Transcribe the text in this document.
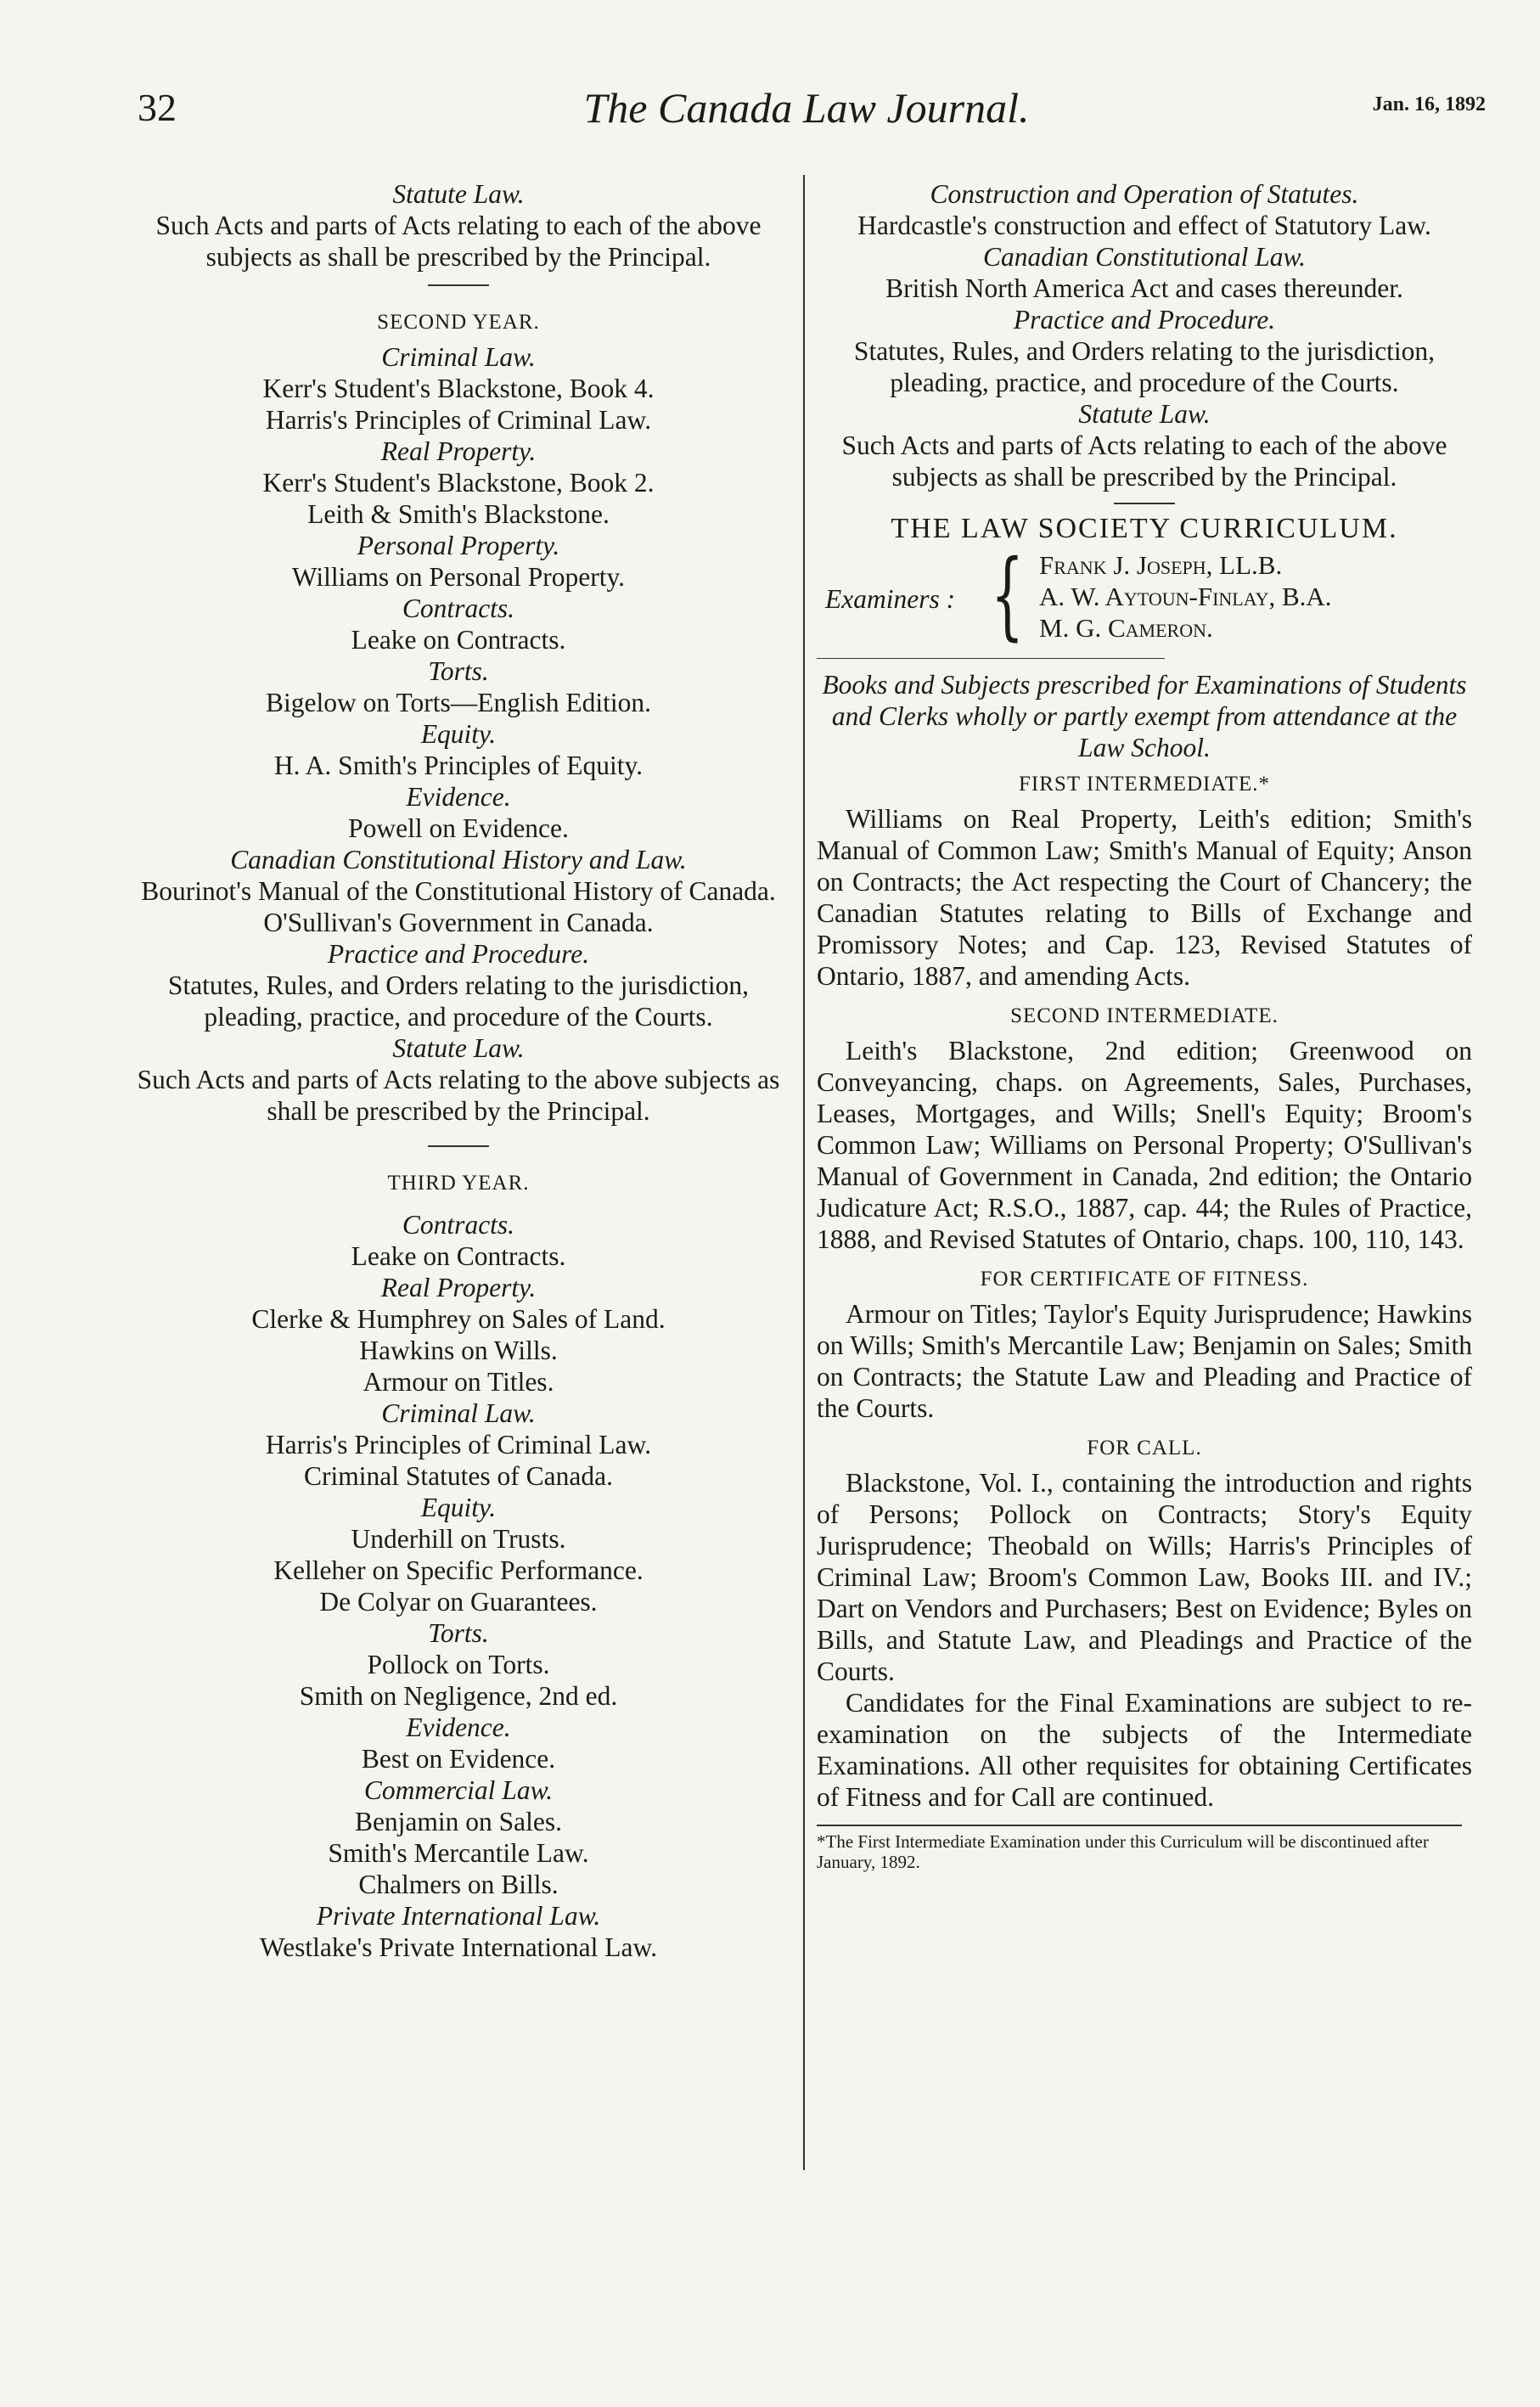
32	The Canada Law Journal.	Jan. 16, 1892
Statute Law.
Such Acts and parts of Acts relating to each of the above subjects as shall be prescribed by the Principal.
SECOND YEAR.
Criminal Law.
Kerr's Student's Blackstone, Book 4.
Harris's Principles of Criminal Law.
Real Property.
Kerr's Student's Blackstone, Book 2.
Leith & Smith's Blackstone.
Personal Property.
Williams on Personal Property.
Contracts.
Leake on Contracts.
Torts.
Bigelow on Torts—English Edition.
Equity.
H. A. Smith's Principles of Equity.
Evidence.
Powell on Evidence.
Canadian Constitutional History and Law.
Bourinot's Manual of the Constitutional History of Canada.
O'Sullivan's Government in Canada.
Practice and Procedure.
Statutes, Rules, and Orders relating to the jurisdiction, pleading, practice, and procedure of the Courts.
Statute Law.
Such Acts and parts of Acts relating to the above subjects as shall be prescribed by the Principal.
THIRD YEAR.
Contracts.
Leake on Contracts.
Real Property.
Clerke & Humphrey on Sales of Land.
Hawkins on Wills.
Armour on Titles.
Criminal Law.
Harris's Principles of Criminal Law.
Criminal Statutes of Canada.
Equity.
Underhill on Trusts.
Kelleher on Specific Performance.
De Colyar on Guarantees.
Torts.
Pollock on Torts.
Smith on Negligence, 2nd ed.
Evidence.
Best on Evidence.
Commercial Law.
Benjamin on Sales.
Smith's Mercantile Law.
Chalmers on Bills.
Private International Law.
Westlake's Private International Law.
Construction and Operation of Statutes.
Hardcastle's construction and effect of Statutory Law.
Canadian Constitutional Law.
British North America Act and cases thereunder.
Practice and Procedure.
Statutes, Rules, and Orders relating to the jurisdiction, pleading, practice, and procedure of the Courts.
Statute Law.
Such Acts and parts of Acts relating to each of the above subjects as shall be prescribed by the Principal.
THE LAW SOCIETY CURRICULUM.
Examiners : { Frank J. Joseph, LL.B.
A. W. Aytoun-Finlay, B.A.
M. G. Cameron.
Books and Subjects prescribed for Examinations of Students and Clerks wholly or partly exempt from attendance at the Law School.
FIRST INTERMEDIATE.*

Williams on Real Property, Leith's edition; Smith's Manual of Common Law; Smith's Manual of Equity; Anson on Contracts; the Act respecting the Court of Chancery; the Canadian Statutes relating to Bills of Exchange and Promissory Notes; and Cap. 123, Revised Statutes of Ontario, 1887, and amending Acts.

SECOND INTERMEDIATE.

Leith's Blackstone, 2nd edition; Greenwood on Conveyancing, chaps. on Agreements, Sales, Purchases, Leases, Mortgages, and Wills; Snell's Equity; Broom's Common Law; Williams on Personal Property; O'Sullivan's Manual of Government in Canada, 2nd edition; the Ontario Judicature Act; R.S.O., 1887, cap. 44; the Rules of Practice, 1888, and Revised Statutes of Ontario, chaps. 100, 110, 143.

FOR CERTIFICATE OF FITNESS.

Armour on Titles; Taylor's Equity Jurisprudence; Hawkins on Wills; Smith's Mercantile Law; Benjamin on Sales; Smith on Contracts; the Statute Law and Pleading and Practice of the Courts.

FOR CALL.

Blackstone, Vol. I., containing the introduction and rights of Persons; Pollock on Contracts; Story's Equity Jurisprudence; Theobald on Wills; Harris's Principles of Criminal Law; Broom's Common Law, Books III. and IV.; Dart on Vendors and Purchasers; Best on Evidence; Byles on Bills, and Statute Law, and Pleadings and Practice of the Courts.

Candidates for the Final Examinations are subject to re-examination on the subjects of the Intermediate Examinations. All other requisites for obtaining Certificates of Fitness and for Call are continued.

*The First Intermediate Examination under this Curriculum will be discontinued after January, 1892.
